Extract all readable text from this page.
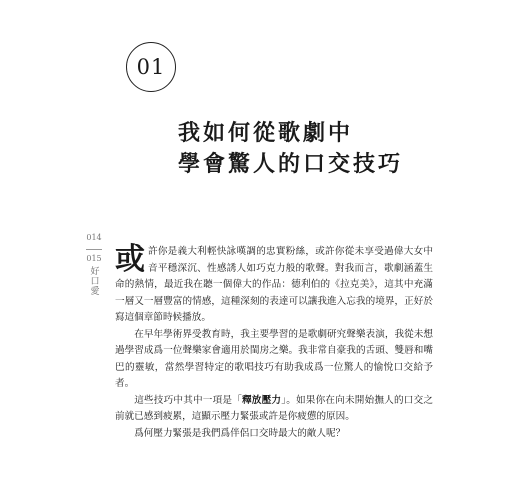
01
我如何從歌劇中
學會驚人的口交技巧
014
015
好口愛

或許你是義大利輕快詠嘆調的忠實粉絲，或許你從未享受過偉大女中音平穩深沉、性感誘人如巧克力般的歌聲。對我而言，歌劇涵蓋生命的熱情，最近我在聽一個偉大的作品：德利伯的《拉克美》，這其中充滿一層又一層豐富的情感，這種深刻的表達可以讓我進入忘我的境界，正好於寫這個章節時候播放。

在早年學術界受教育時，我主要學習的是歌劇研究聲樂表演，我從未想過學習成爲一位聲樂家會適用於閨房之樂。我非常自豪我的舌頭、雙唇和嘴巴的靈敏，當然學習特定的歌唱技巧有助我成爲一位驚人的愉悅口交給予者。

這些技巧中其中一項是「釋放壓力」。如果你在向未開始撫人的口交之前就已感到疲累，這顯示壓力緊張或許是你疲憊的原因。

爲何壓力緊張是我們爲伴侶口交時最大的敵人呢？
